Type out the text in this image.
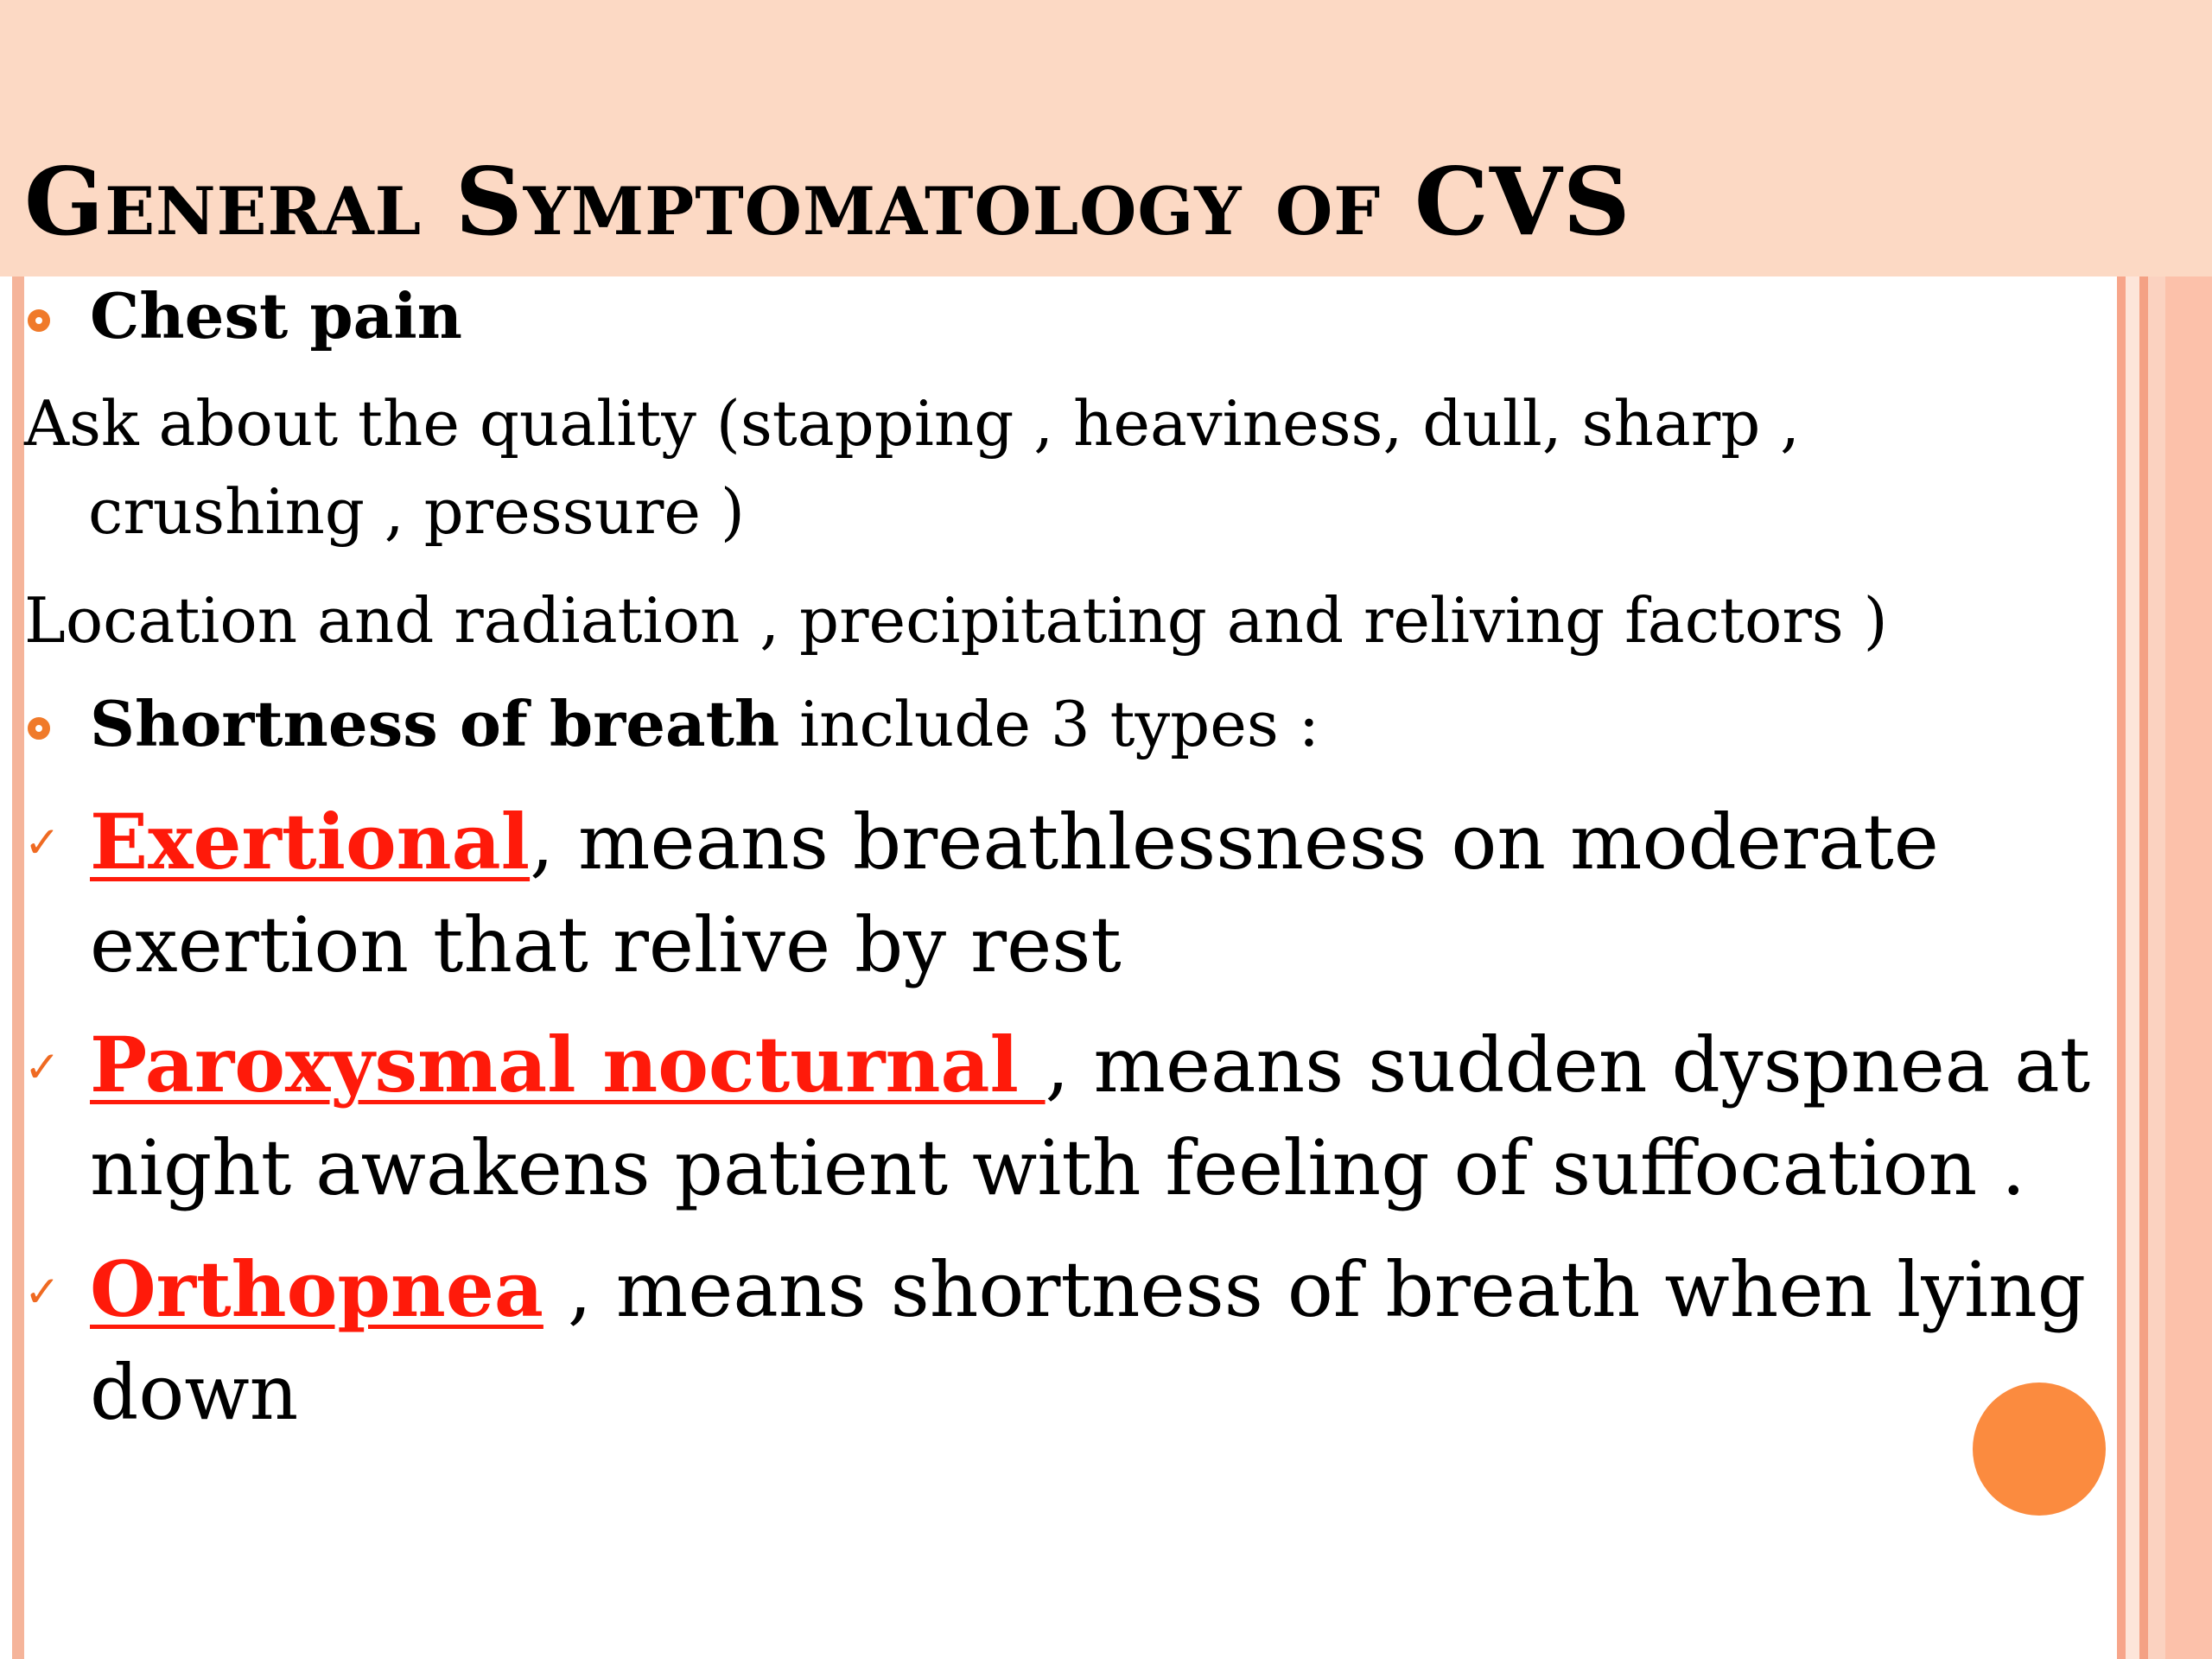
General Symptomatology of CVS

Chest pain

Ask about the quality (stapping , heaviness, dull, sharp ,

crushing , pressure )

Location and radiation , precipitating and reliving factors )

Shortness of breath include 3 types :

✓ Exertional, means breathlessness on moderate

exertion that relive by rest

✓ Paroxysmal nocturnal , means sudden dyspnea at

night awakens patient with feeling of suffocation .

✓ Orthopnea , means shortness of breath when lying

down
